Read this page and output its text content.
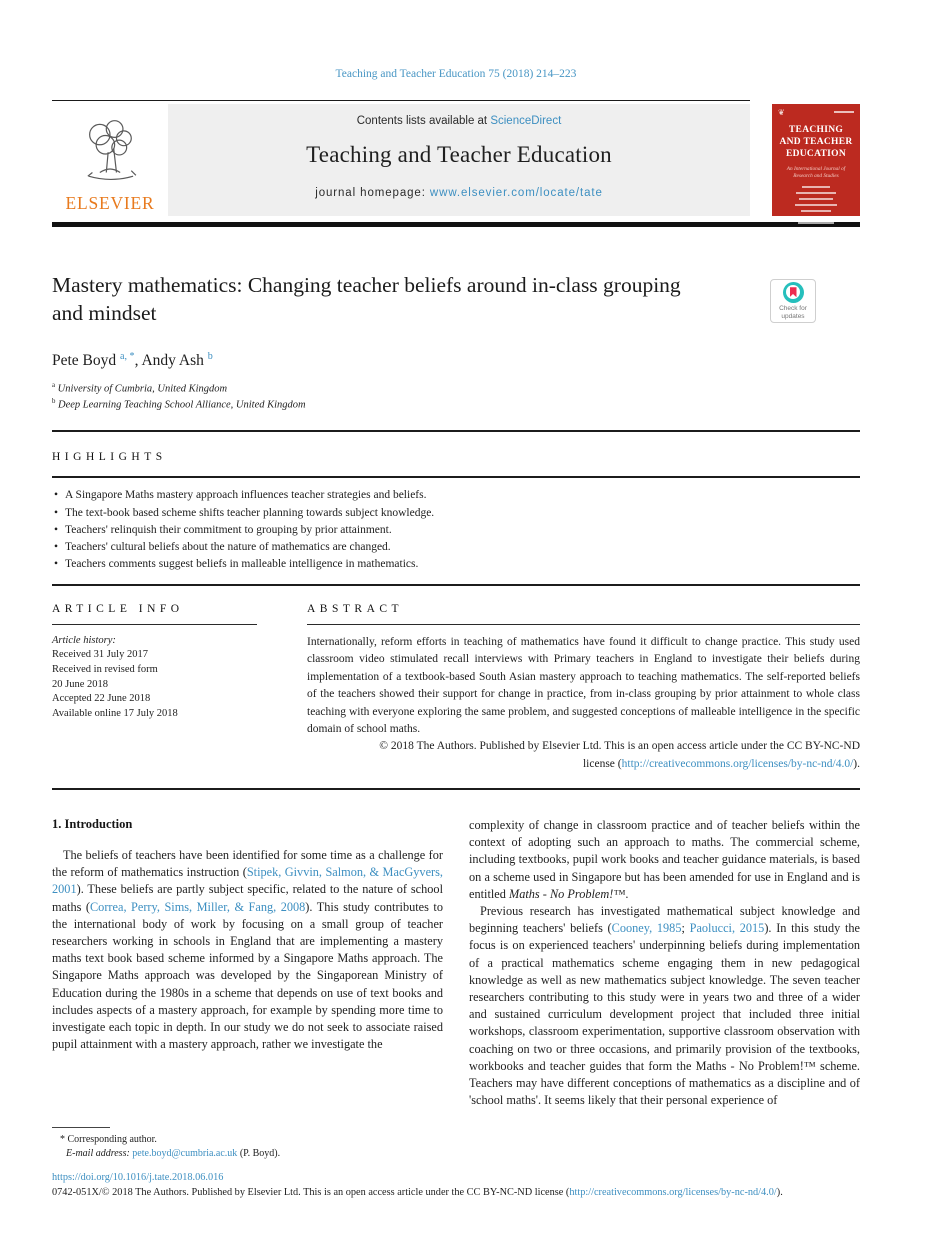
Teaching and Teacher Education 75 (2018) 214–223
ELSEVIER
Contents lists available at ScienceDirect
Teaching and Teacher Education
journal homepage: www.elsevier.com/locate/tate
❦
TEACHING
AND TEACHER
EDUCATION
An International Journal of Research and Studies
Mastery mathematics: Changing teacher beliefs around in-class grouping and mindset	Check for updates
Pete Boyd $^{a, *}$, Andy Ash $^b$
$^a$ University of Cumbria, United Kingdom
$^b$ Deep Learning Teaching School Alliance, United Kingdom
HIGHLIGHTS
• A Singapore Maths mastery approach influences teacher strategies and beliefs.
• The text-book based scheme shifts teacher planning towards subject knowledge.
• Teachers' relinquish their commitment to grouping by prior attainment.
• Teachers' cultural beliefs about the nature of mathematics are changed.
• Teachers comments suggest beliefs in malleable intelligence in mathematics.
ARTICLE INFO
Article history:
Received 31 July 2017
Received in revised form
20 June 2018
Accepted 22 June 2018
Available online 17 July 2018
ABSTRACT

Internationally, reform efforts in teaching of mathematics have found it difficult to change practice. This study used classroom video stimulated recall interviews with Primary teachers in England to investigate their beliefs during implementation of a textbook-based South Asian mastery approach to teaching mathematics. The self-reported beliefs of the teachers showed their support for change in practice, from in-class grouping by prior attainment to whole class teaching with everyone exploring the same problem, and suggested conceptions of malleable intelligence in the specific domain of school maths.

© 2018 The Authors. Published by Elsevier Ltd. This is an open access article under the CC BY-NC-ND
license (http://creativecommons.org/licenses/by-nc-nd/4.0/).
1. Introduction

The beliefs of teachers have been identified for some time as a challenge for the reform of mathematics instruction (Stipek, Givvin, Salmon, & MacGyvers, 2001). These beliefs are partly subject specific, related to the nature of school maths (Correa, Perry, Sims, Miller, & Fang, 2008). This study contributes to the international body of work by focusing on a small group of teacher researchers working in schools in England that are implementing a mastery maths text book based scheme informed by a Singapore Maths approach. The Singapore Maths approach was developed by the Singaporean Ministry of Education during the 1980s in a scheme that depends on use of text books and includes aspects of a mastery approach, for example by spending more time to investigate each topic in depth. In our study we do not seek to associate raised pupil attainment with a mastery approach, rather we investigate the

* Corresponding author.
E-mail address: pete.boyd@cumbria.ac.uk (P. Boyd).

complexity of change in classroom practice and of teacher beliefs within the context of adopting such an approach to maths. The commercial scheme, including textbooks, pupil work books and teacher guidance materials, is based on a scheme used in Singapore but has been amended for use in England and is entitled Maths - No Problem!™.

Previous research has investigated mathematical subject knowledge and beginning teachers' beliefs (Cooney, 1985; Paolucci, 2015). In this study the focus is on experienced teachers' underpinning beliefs during implementation of a practical mathematics scheme engaging them in new pedagogical knowledge as well as new mathematics subject knowledge. The seven teacher researchers contributing to this study were in years two and three of a wider and sustained curriculum development project that included three initial workshops, classroom experimentation, supportive classroom observation with coaching on two or three occasions, and primarily provision of the textbooks, workbooks and teacher guides that form the Maths - No Problem!™ scheme. Teachers may have different conceptions of mathematics as a discipline and of 'school maths'. It seems likely that their personal experience of

https://doi.org/10.1016/j.tate.2018.06.016
0742-051X/© 2018 The Authors. Published by Elsevier Ltd. This is an open access article under the CC BY-NC-ND license (http://creativecommons.org/licenses/by-nc-nd/4.0/).
